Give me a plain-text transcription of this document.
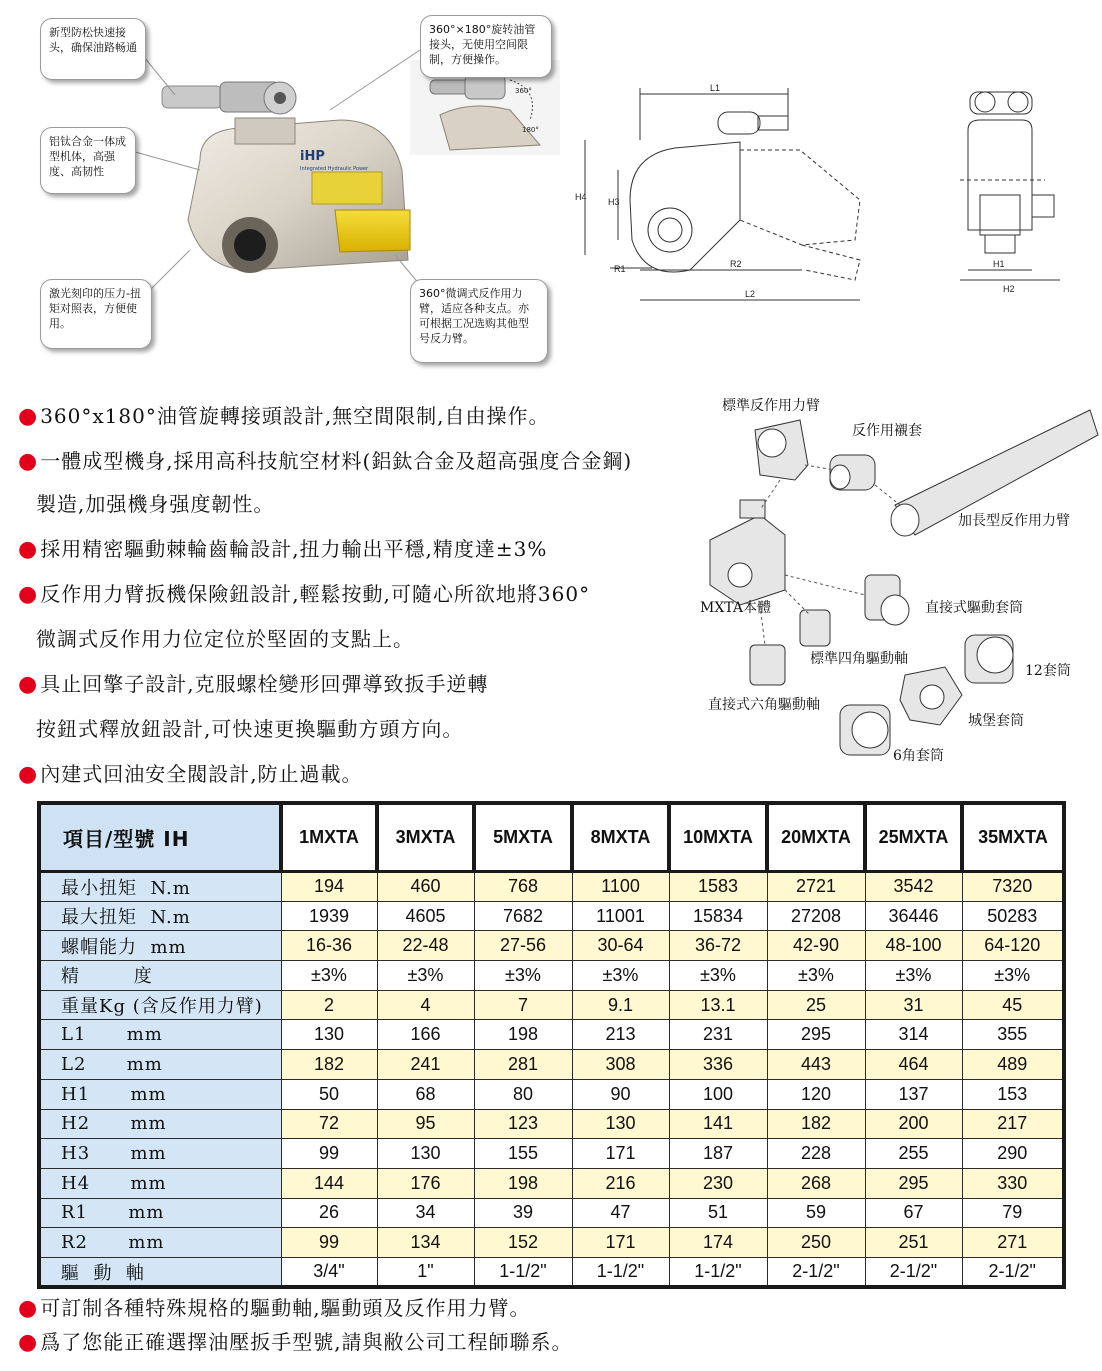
iHP
Integrated Hydraulic Power
360°
180°
新型防松快速接头，确保油路畅通
360°×180°旋转油管接头，无使用空间限制，方便操作。
铝钛合金一体成型机体，高强度、高韧性
激光刻印的压力-扭矩对照表，方便使用。
360°微调式反作用力臂，适应各种支点。亦可根据工况选购其他型号反力臂。
L1
H4 H3
R1	R2
L2
H1
H2
● 360°x180°油管旋轉接頭設計,無空間限制,自由操作。
● 一體成型機身,採用高科技航空材料(鋁鈦合金及超高强度合金鋼)
製造,加强機身强度韌性。
● 採用精密驅動棘輪齒輪設計,扭力輸出平穩,精度達±3%
● 反作用力臂扳機保險鈕設計,輕鬆按動,可隨心所欲地將360°
微調式反作用力位定位於堅固的支點上。
● 具止回擎子設計,克服螺栓變形回彈導致扳手逆轉
按鈕式釋放鈕設計,可快速更換驅動方頭方向。
● 內建式回油安全閥設計,防止過載。
標準反作用力臂
反作用襯套
加長型反作用力臂
MXTA本體	直接式驅動套筒
標準四角驅動軸
12套筒
直接式六角驅動軸
城堡套筒
6角套筒
項目/型號 IH	1MXTA	3MXTA	5MXTA	8MXTA	10MXTA	20MXTA	25MXTA	35MXTA
最小扭矩  N.m	194	460	768	1100	1583	2721	3542	7320
最大扭矩  N.m	1939	4605	7682	11001	15834	27208	36446	50283
螺帽能力  mm	16-36	22-48	27-56	30-64	36-72	42-90	48-100	64-120
精        度	±3%	±3%	±3%	±3%	±3%	±3%	±3%	±3%
重量Kg (含反作用力臂)	2	4	7	9.1	13.1	25	31	45
L1      mm	130	166	198	213	231	295	314	355
L2      mm	182	241	281	308	336	443	464	489
H1      mm	50	68	80	90	100	120	137	153
H2      mm	72	95	123	130	141	182	200	217
H3      mm	99	130	155	171	187	228	255	290
H4      mm	144	176	198	216	230	268	295	330
R1      mm	26	34	39	47	51	59	67	79
R2      mm	99	134	152	171	174	250	251	271
驅  動  軸	3/4"	1"	1-1/2"	1-1/2"	1-1/2"	2-1/2"	2-1/2"	2-1/2"
● 可訂制各種特殊規格的驅動軸,驅動頭及反作用力臂。
● 爲了您能正確選擇油壓扳手型號,請與敝公司工程師聯系。
